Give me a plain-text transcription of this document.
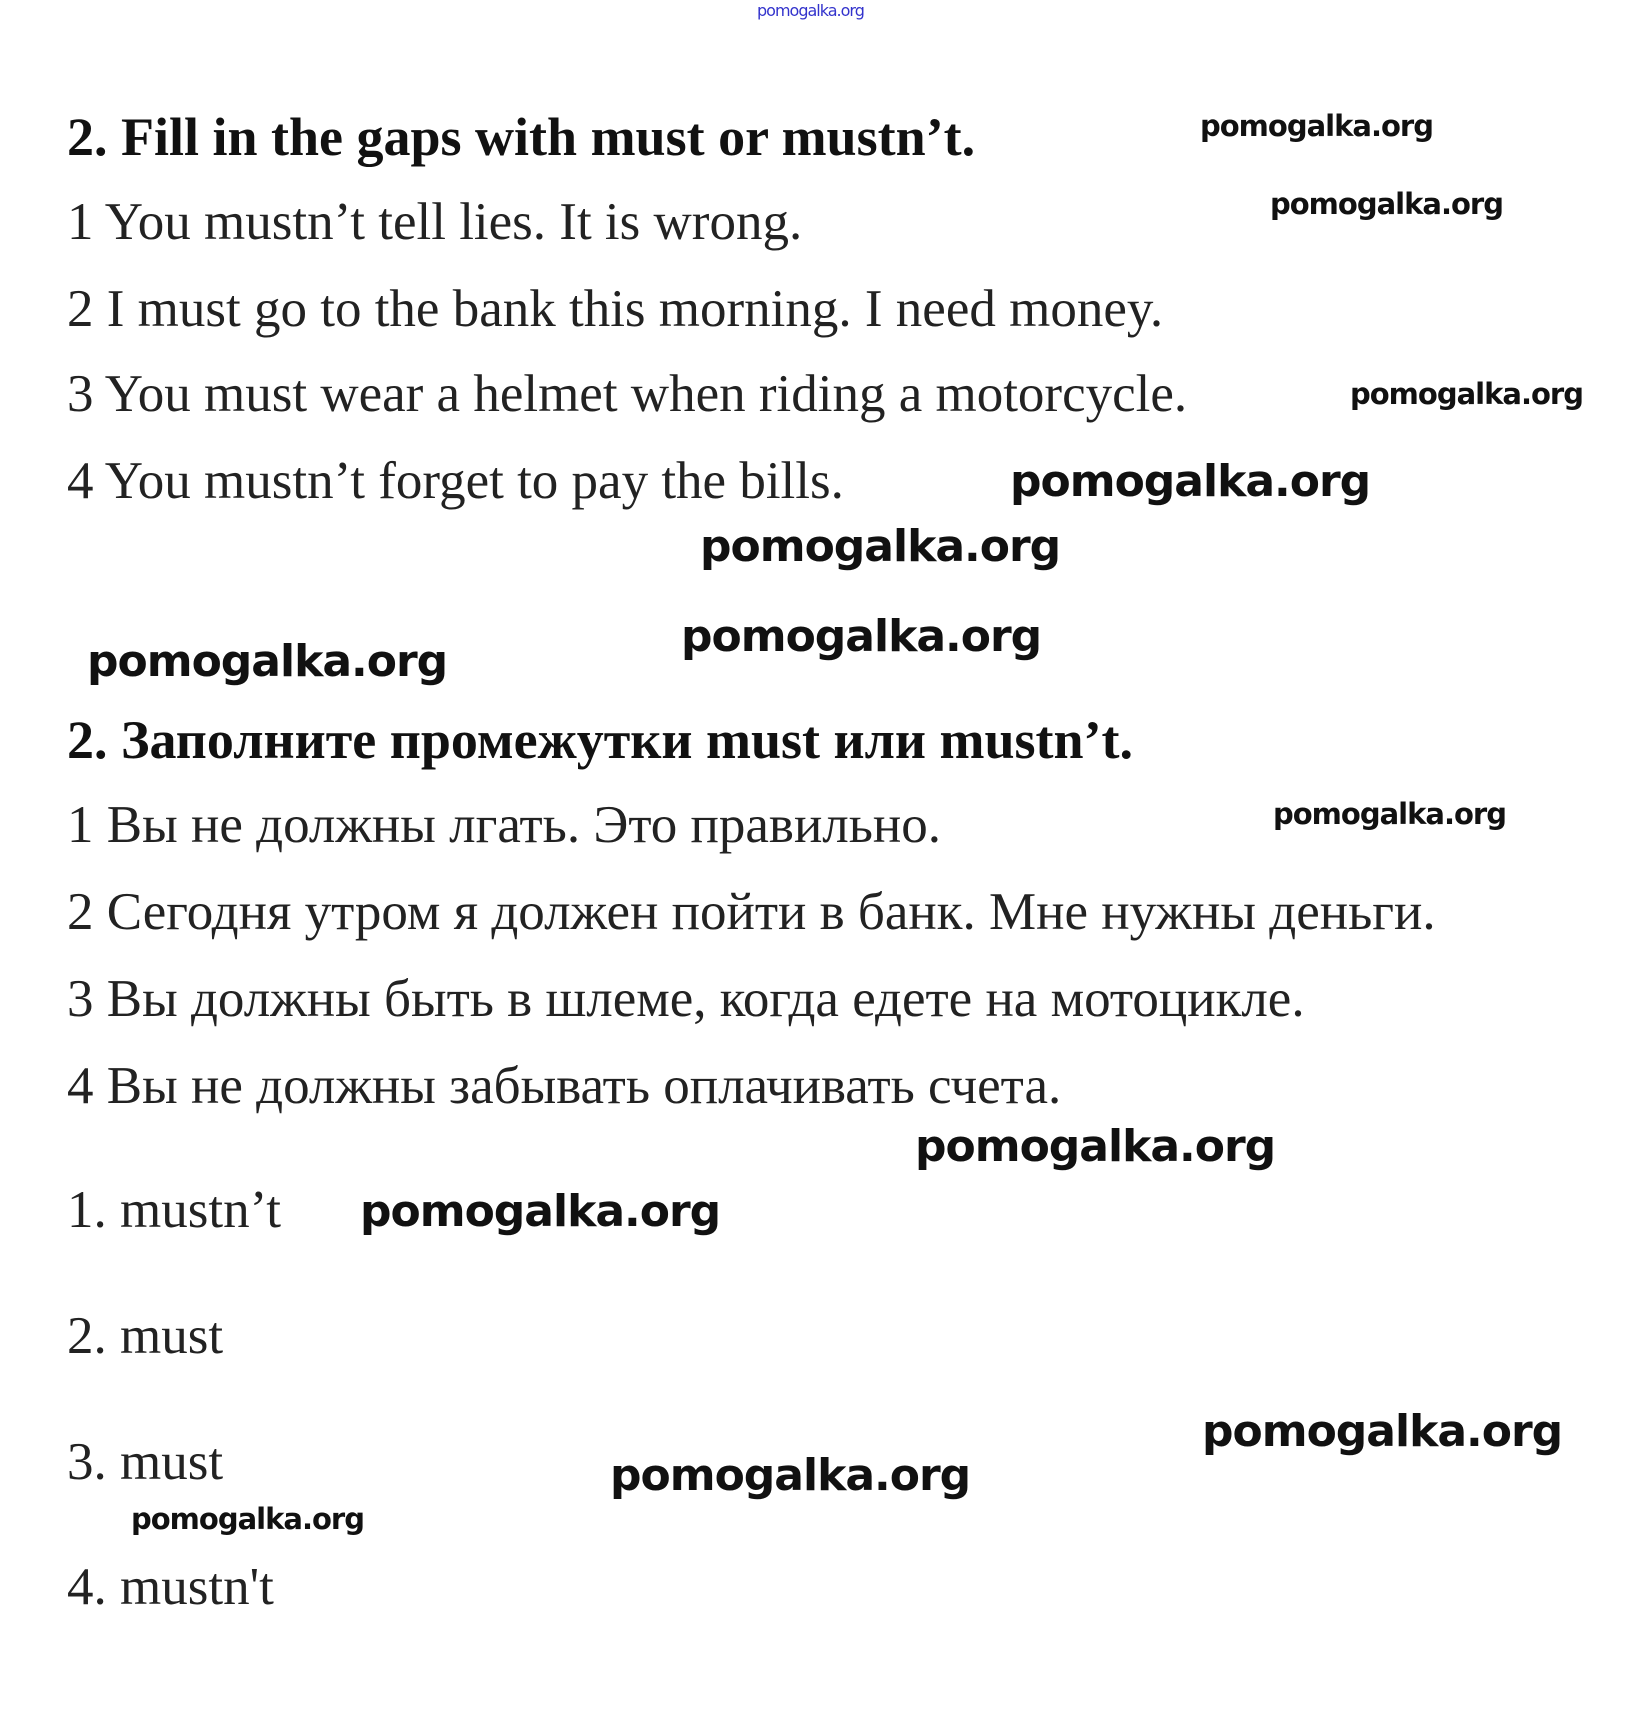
pomogalka.org
2. Fill in the gaps with must or mustn’t.
1 You mustn’t tell lies. It is wrong.
2 I must go to the bank this morning. I need money.
3 You must wear a helmet when riding a motorcycle.
4 You mustn’t forget to pay the bills.
2. Заполните промежутки must или mustn’t.
1 Вы не должны лгать. Это правильно.
2 Сегодня утром я должен пойти в банк. Мне нужны деньги.
3 Вы должны быть в шлеме, когда едете на мотоцикле.
4 Вы не должны забывать оплачивать счета.
1. mustn’t
2. must
3. must
4. mustn't
pomogalka.org
pomogalka.org
pomogalka.org
pomogalka.org
pomogalka.org
pomogalka.org	pomogalka.org
pomogalka.org
pomogalka.org
pomogalka.org
pomogalka.org
pomogalka.org
pomogalka.org
